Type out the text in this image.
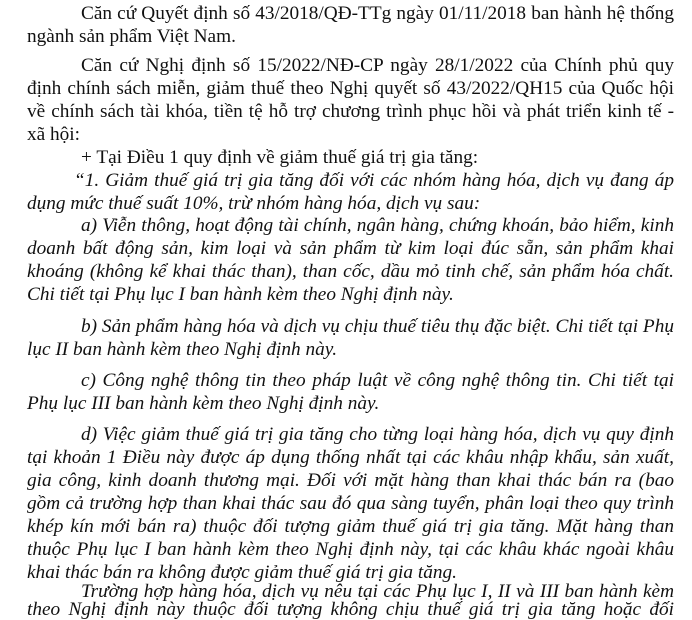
Căn cứ Quyết định số 43/2018/QĐ-TTg ngày 01/11/2018 ban hành hệ thống
ngành sản phẩm Việt Nam.
Căn cứ Nghị định số 15/2022/NĐ-CP ngày 28/1/2022 của Chính phủ quy
định chính sách miễn, giảm thuế theo Nghị quyết số 43/2022/QH15 của Quốc hội
về chính sách tài khóa, tiền tệ hỗ trợ chương trình phục hồi và phát triển kinh tế -
xã hội:
+ Tại Điều 1 quy định về giảm thuế giá trị gia tăng:
“1. Giảm thuế giá trị gia tăng đối với các nhóm hàng hóa, dịch vụ đang áp
dụng mức thuế suất 10%, trừ nhóm hàng hóa, dịch vụ sau:
a) Viễn thông, hoạt động tài chính, ngân hàng, chứng khoán, bảo hiểm, kinh
doanh bất động sản, kim loại và sản phẩm từ kim loại đúc sẵn, sản phẩm khai
khoáng (không kể khai thác than), than cốc, dầu mỏ tinh chế, sản phẩm hóa chất.
Chi tiết tại Phụ lục I ban hành kèm theo Nghị định này.
b) Sản phẩm hàng hóa và dịch vụ chịu thuế tiêu thụ đặc biệt. Chi tiết tại Phụ
lục II ban hành kèm theo Nghị định này.
c) Công nghệ thông tin theo pháp luật về công nghệ thông tin. Chi tiết tại
Phụ lục III ban hành kèm theo Nghị định này.
d) Việc giảm thuế giá trị gia tăng cho từng loại hàng hóa, dịch vụ quy định
tại khoản 1 Điều này được áp dụng thống nhất tại các khâu nhập khẩu, sản xuất,
gia công, kinh doanh thương mại. Đối với mặt hàng than khai thác bán ra (bao
gồm cả trường hợp than khai thác sau đó qua sàng tuyển, phân loại theo quy trình
khép kín mới bán ra) thuộc đối tượng giảm thuế giá trị gia tăng. Mặt hàng than
thuộc Phụ lục I ban hành kèm theo Nghị định này, tại các khâu khác ngoài khâu
khai thác bán ra không được giảm thuế giá trị gia tăng.
Trường hợp hàng hóa, dịch vụ nêu tại các Phụ lục I, II và III ban hành kèm
theo Nghị định này thuộc đối tượng không chịu thuế giá trị gia tăng hoặc đối
